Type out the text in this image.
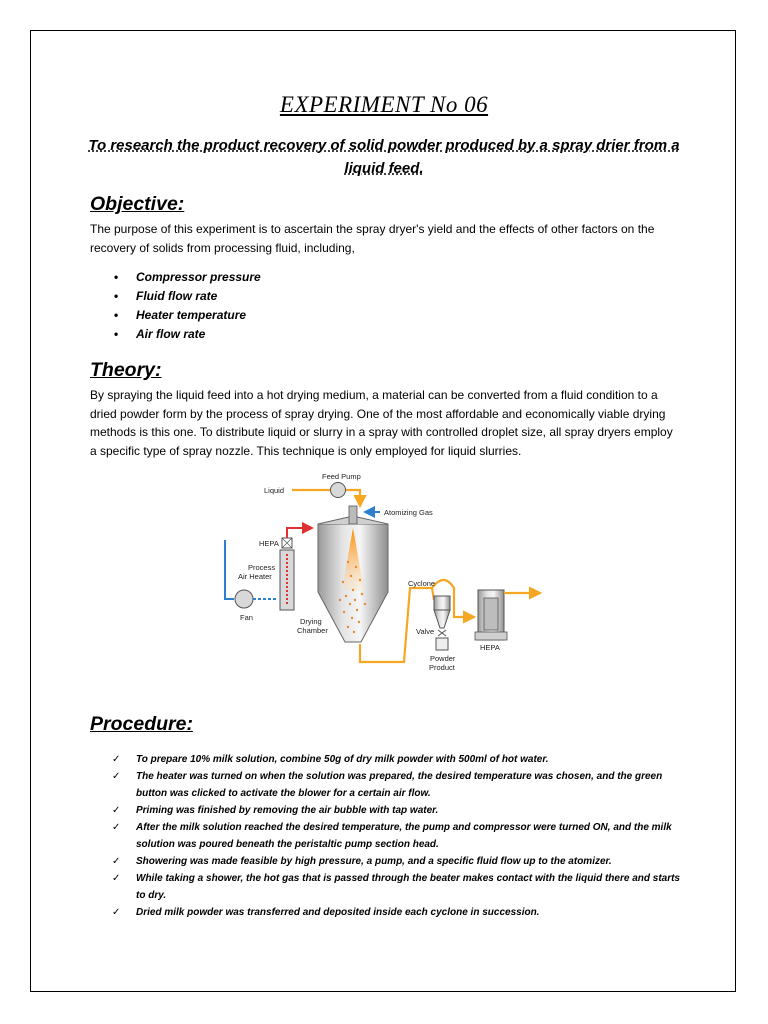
EXPERIMENT No 06
To research the product recovery of solid powder produced by a spray drier from a liquid feed.
Objective:
The purpose of this experiment is to ascertain the spray dryer's yield and the effects of other factors on the recovery of solids from processing fluid, including,
• Compressor pressure
• Fluid flow rate
• Heater temperature
• Air flow rate
Theory:
By spraying the liquid feed into a hot drying medium, a material can be converted from a fluid condition to a dried powder form by the process of spray drying. One of the most affordable and economically viable drying methods is this one. To distribute liquid or slurry in a spray with controlled droplet size, all spray dryers employ a specific type of spray nozzle. This technique is only employed for liquid slurries.
Feed Pump
Liquid
Atomizing Gas
Drying
Chamber
HEPA
Process
Air Heater
Fan
Cyclone
Valve
Powder
Product
HEPA
Procedure:
✓ To prepare 10% milk solution, combine 50g of dry milk powder with 500ml of hot water.
✓ The heater was turned on when the solution was prepared, the desired temperature was chosen, and the green button was clicked to activate the blower for a certain air flow.
✓ Priming was finished by removing the air bubble with tap water.
✓ After the milk solution reached the desired temperature, the pump and compressor were turned ON, and the milk solution was poured beneath the peristaltic pump section head.
✓ Showering was made feasible by high pressure, a pump, and a specific fluid flow up to the atomizer.
✓ While taking a shower, the hot gas that is passed through the beater makes contact with the liquid there and starts to dry.
✓ Dried milk powder was transferred and deposited inside each cyclone in succession.
